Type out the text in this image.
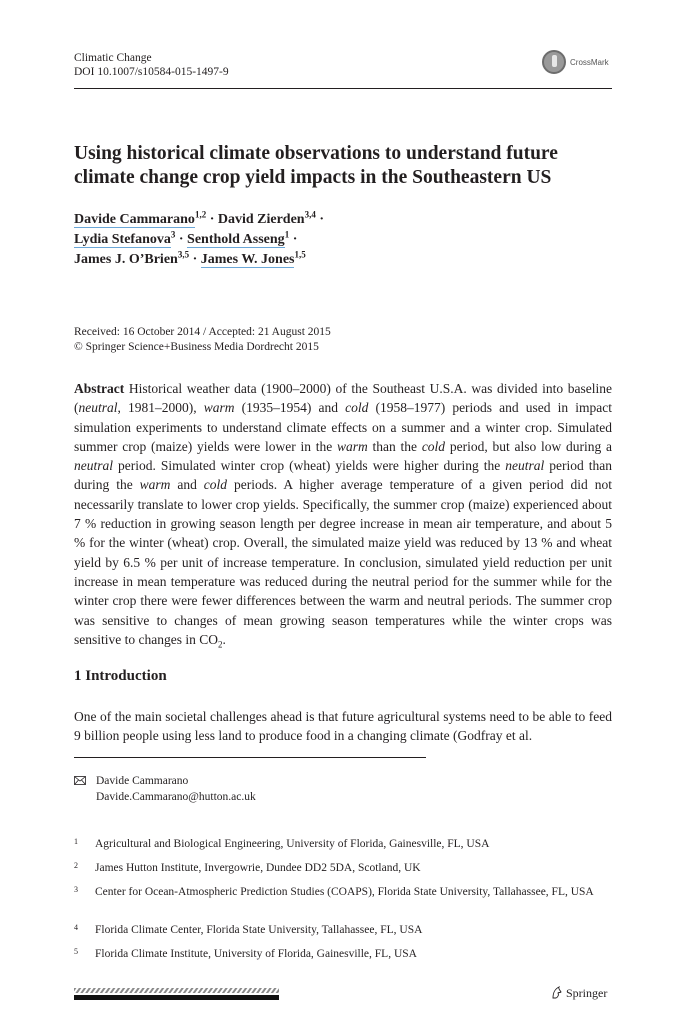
Climatic Change
DOI 10.1007/s10584-015-1497-9
CrossMark
Using historical climate observations to understand future climate change crop yield impacts in the Southeastern US
Davide Cammarano$^{1,2}$ · David Zierden$^{3,4}$ ·
Lydia Stefanova$^3$ · Senthold Asseng$^1$ ·
James J. O’Brien$^{3,5}$ · James W. Jones$^{1,5}$
Received: 16 October 2014 / Accepted: 21 August 2015
© Springer Science+Business Media Dordrecht 2015
Abstract Historical weather data (1900–2000) of the Southeast U.S.A. was divided into baseline (neutral, 1981–2000), warm (1935–1954) and cold (1958–1977) periods and used in impact simulation experiments to understand climate effects on a summer and a winter crop. Simulated summer crop (maize) yields were lower in the warm than the cold period, but also low during a neutral period. Simulated winter crop (wheat) yields were higher during the neutral period than during the warm and cold periods. A higher average temperature of a given period did not necessarily translate to lower crop yields. Specifically, the summer crop (maize) experienced about 7 % reduction in growing season length per degree increase in mean air temperature, and about 5 % for the winter (wheat) crop. Overall, the simulated maize yield was reduced by 13 % and wheat yield by 6.5 % per unit of increase temperature. In conclusion, simulated yield reduction per unit increase in mean temperature was reduced during the neutral period for the summer while for the winter crop there were fewer differences between the warm and neutral periods. The summer crop was sensitive to changes of mean growing season temperatures while the winter crops was sensitive to changes in $CO_2$.
1 Introduction
One of the main societal challenges ahead is that future agricultural systems need to be able to feed 9 billion people using less land to produce food in a changing climate (Godfray et al.
Davide Cammarano
Davide.Cammarano@hutton.ac.uk
1 Agricultural and Biological Engineering, University of Florida, Gainesville, FL, USA
2 James Hutton Institute, Invergowrie, Dundee DD2 5DA, Scotland, UK
3 Center for Ocean-Atmospheric Prediction Studies (COAPS), Florida State University, Tallahassee, FL, USA
4 Florida Climate Center, Florida State University, Tallahassee, FL, USA
5 Florida Climate Institute, University of Florida, Gainesville, FL, USA
Springer
